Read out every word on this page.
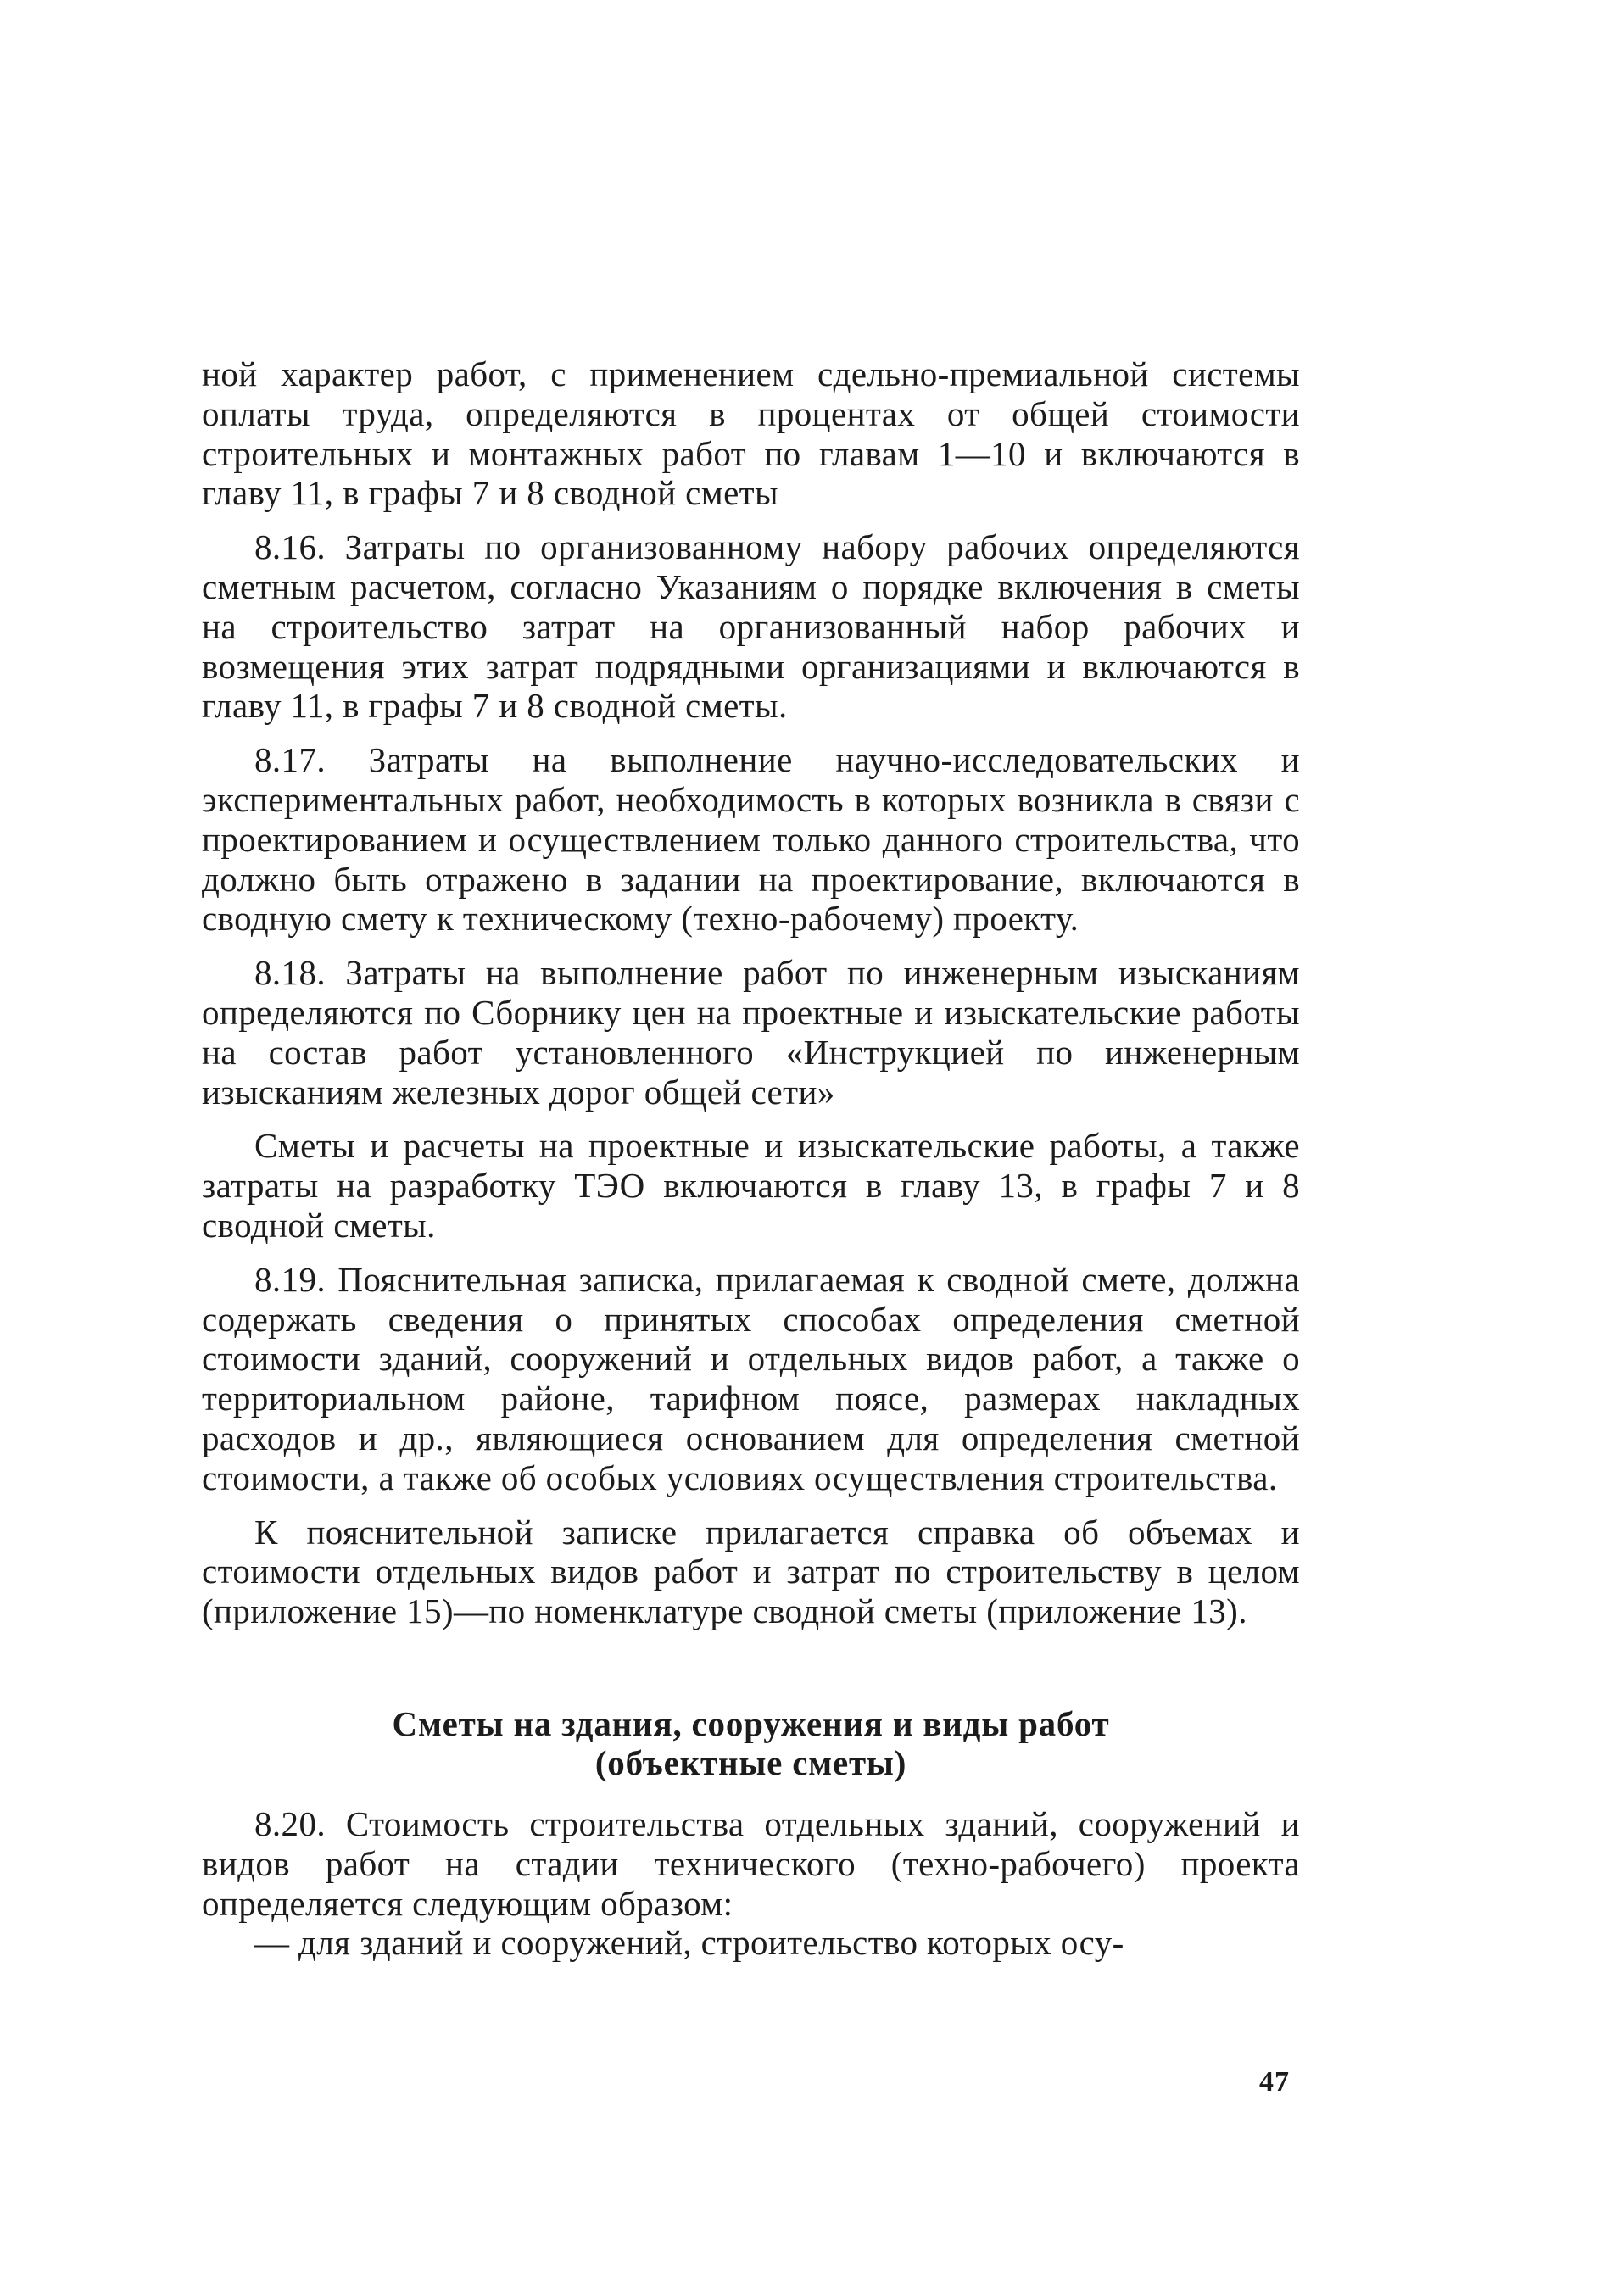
ной характер работ, с применением сдельно-премиальной системы оплаты труда, определяются в процентах от общей стоимости строительных и монтажных работ по главам 1—10 и включаются в главу 11, в графы 7 и 8 сводной сметы

8.16. Затраты по организованному набору рабочих определяются сметным расчетом, согласно Указаниям о порядке включения в сметы на строительство затрат на организованный набор рабочих и возмещения этих затрат подрядными организациями и включаются в главу 11, в графы 7 и 8 сводной сметы.

8.17. Затраты на выполнение научно-исследовательских и экспериментальных работ, необходимость в которых возникла в связи с проектированием и осуществлением только данного строительства, что должно быть отражено в задании на проектирование, включаются в сводную смету к техническому (техно-рабочему) проекту.

8.18. Затраты на выполнение работ по инженерным изысканиям определяются по Сборнику цен на проектные и изыскательские работы на состав работ установленного «Инструкцией по инженерным изысканиям железных дорог общей сети»

Сметы и расчеты на проектные и изыскательские работы, а также затраты на разработку ТЭО включаются в главу 13, в графы 7 и 8 сводной сметы.

8.19. Пояснительная записка, прилагаемая к сводной смете, должна содержать сведения о принятых способах определения сметной стоимости зданий, сооружений и отдельных видов работ, а также о территориальном районе, тарифном поясе, размерах накладных расходов и др., являющиеся основанием для определения сметной стоимости, а также об особых условиях осуществления строительства.

К пояснительной записке прилагается справка об объемах и стоимости отдельных видов работ и затрат по строительству в целом (приложение 15)—по номенклатуре сводной сметы (приложение 13).

Сметы на здания, сооружения и виды работ
(объектные сметы)

8.20. Стоимость строительства отдельных зданий, сооружений и видов работ на стадии технического (техно-рабочего) проекта определяется следующим образом:

— для зданий и сооружений, строительство которых осу-

47
